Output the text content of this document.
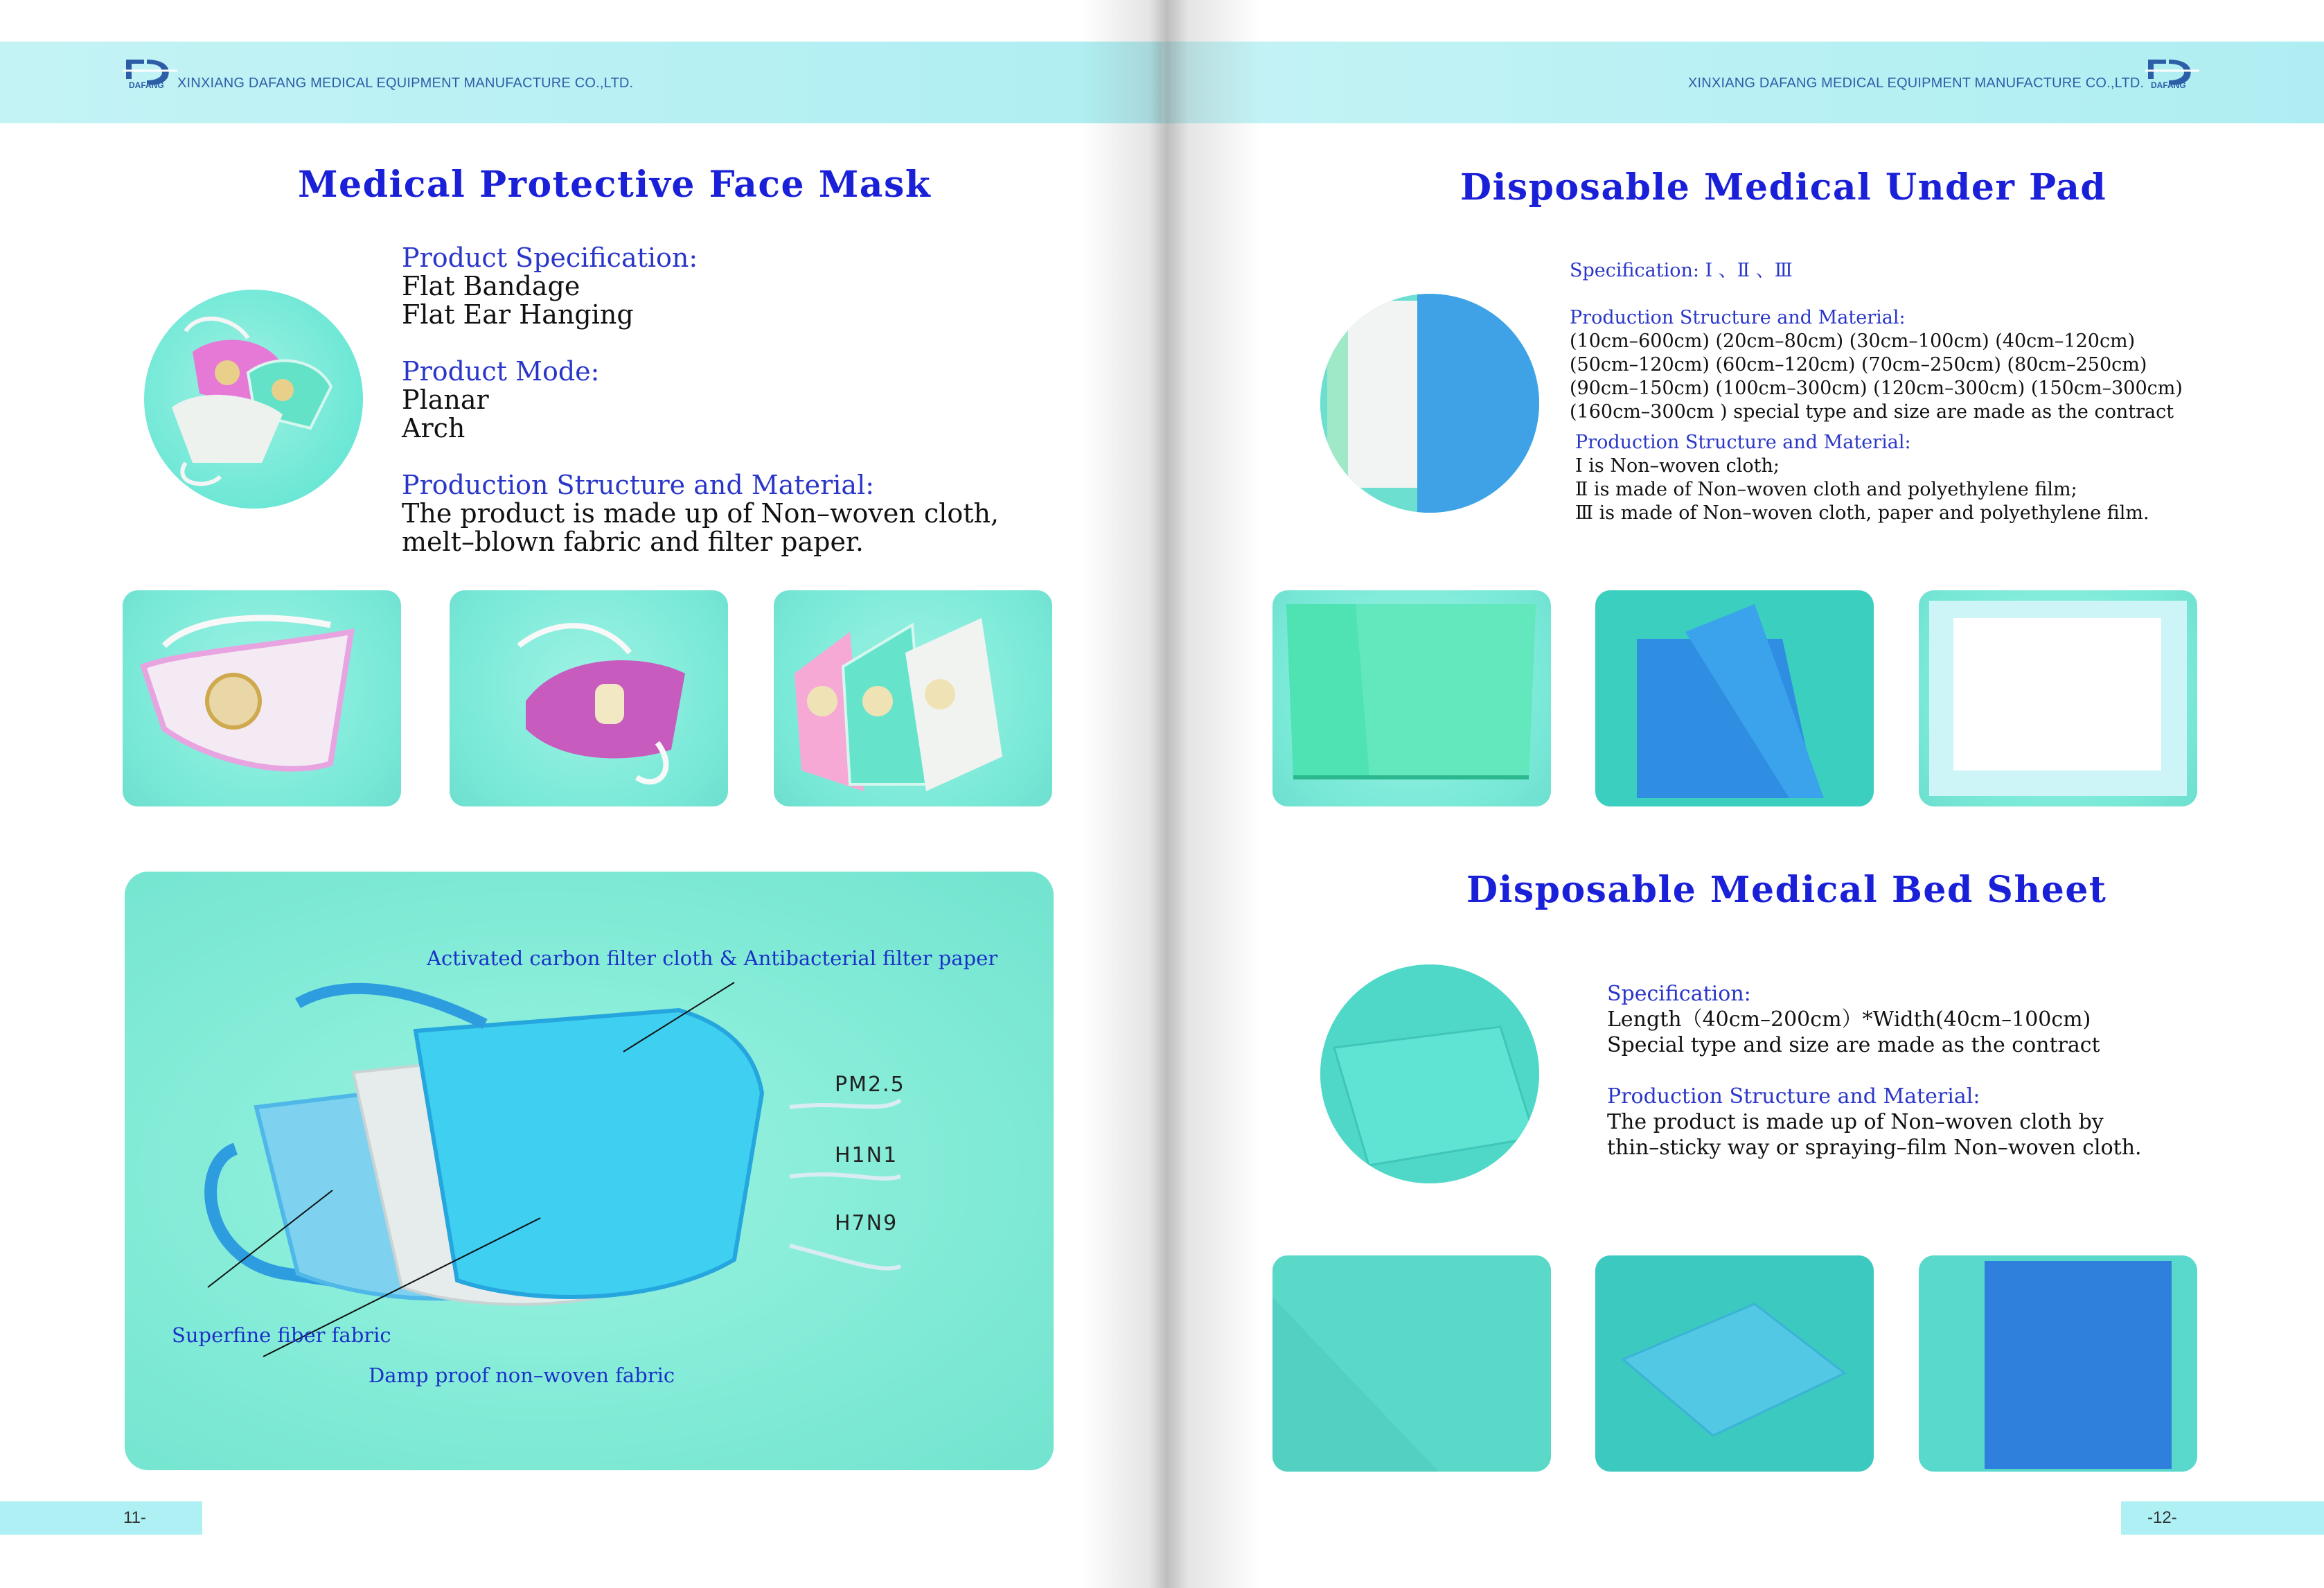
DAFANG XINXIANG DAFANG MEDICAL EQUIPMENT MANUFACTURE CO.,LTD.
Medical Protective Face Mask
Product Specification:
Flat Bandage
Flat Ear Hanging
Product Mode:
Planar
Arch
Production Structure and Material:
The product is made up of Non–woven cloth,
melt–blown fabric and filter paper.
Activated carbon filter cloth & Antibacterial filter paper
Superfine fiber fabric
Damp proof non–woven fabric
PM2.5
H1N1
H7N9
11-
XINXIANG DAFANG MEDICAL EQUIPMENT MANUFACTURE CO.,LTD. DAFANG
Disposable Medical Under Pad
Specification: Ⅰ 、Ⅱ 、Ⅲ
Production Structure and Material:
(10cm–600cm) (20cm–80cm) (30cm–100cm) (40cm–120cm)
(50cm–120cm) (60cm–120cm) (70cm–250cm) (80cm–250cm)
(90cm–150cm) (100cm–300cm) (120cm–300cm) (150cm–300cm)
(160cm–300cm ) special type and size are made as the contract
Production Structure and Material:
Ⅰ is Non–woven cloth;
Ⅱ is made of Non–woven cloth and polyethylene film;
Ⅲ is made of Non–woven cloth, paper and polyethylene film.
Disposable Medical Bed Sheet
Specification:
Length（40cm–200cm）*Width(40cm–100cm)
Special type and size are made as the contract
Production Structure and Material:
The product is made up of Non–woven cloth by
thin–sticky way or spraying–film Non–woven cloth.
-12-
